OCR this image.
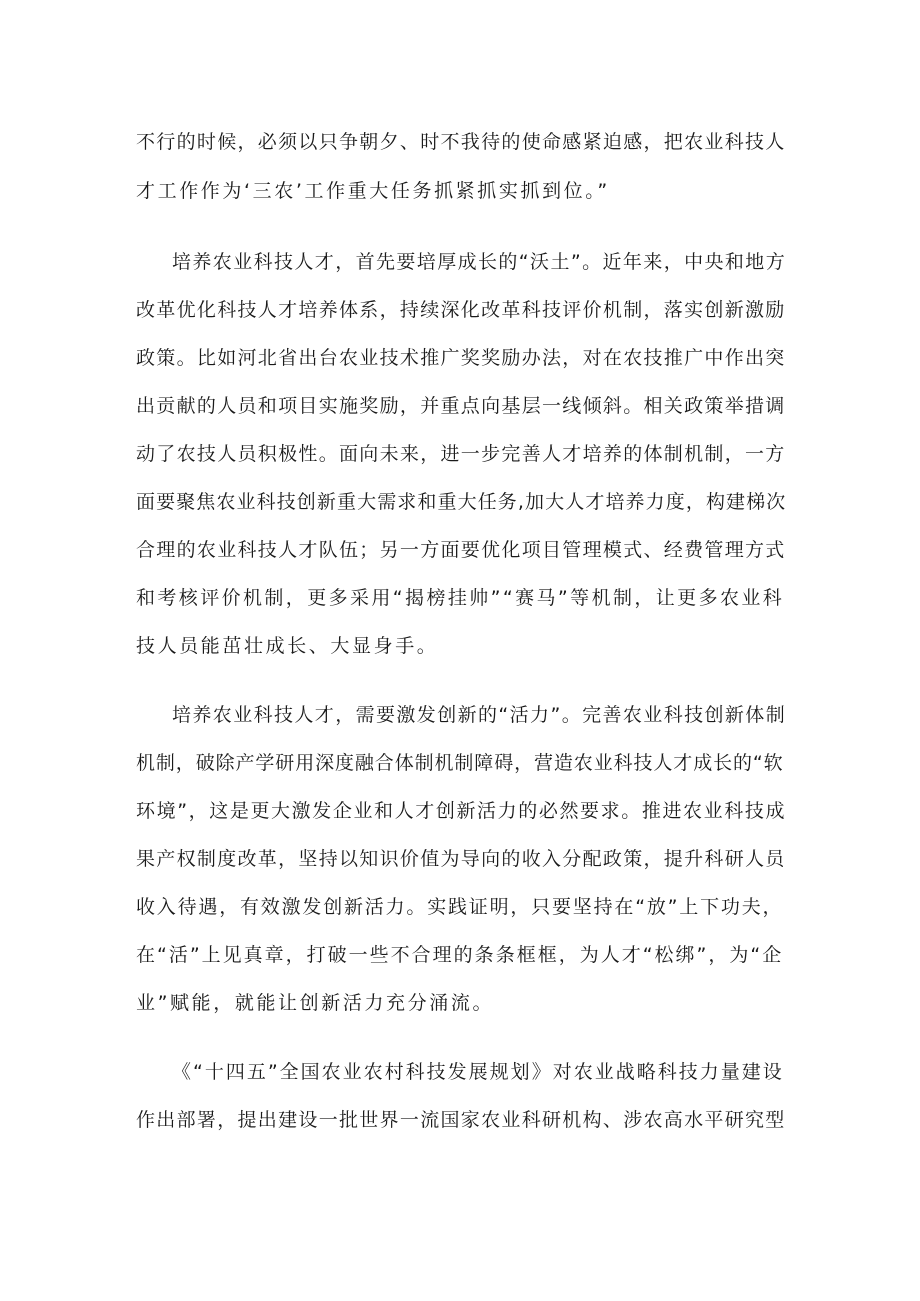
不行的时候，必须以只争朝夕、时不我待的使命感紧迫感，把农业科技人
才工作作为‘三农’工作重大任务抓紧抓实抓到位。”
培养农业科技人才，首先要培厚成长的“沃土”。近年来，中央和地方
改革优化科技人才培养体系，持续深化改革科技评价机制，落实创新激励
政策。比如河北省出台农业技术推广奖奖励办法，对在农技推广中作出突
出贡献的人员和项目实施奖励，并重点向基层一线倾斜。相关政策举措调
动了农技人员积极性。面向未来，进一步完善人才培养的体制机制，一方
面要聚焦农业科技创新重大需求和重大任务,加大人才培养力度，构建梯次
合理的农业科技人才队伍；另一方面要优化项目管理模式、经费管理方式
和考核评价机制，更多采用“揭榜挂帅”“赛马”等机制，让更多农业科
技人员能茁壮成长、大显身手。
培养农业科技人才，需要激发创新的“活力”。完善农业科技创新体制
机制，破除产学研用深度融合体制机制障碍，营造农业科技人才成长的“软
环境”，这是更大激发企业和人才创新活力的必然要求。推进农业科技成
果产权制度改革，坚持以知识价值为导向的收入分配政策，提升科研人员
收入待遇，有效激发创新活力。实践证明，只要坚持在“放”上下功夫，
在“活”上见真章，打破一些不合理的条条框框，为人才“松绑”，为“企
业”赋能，就能让创新活力充分涌流。
《“十四五”全国农业农村科技发展规划》对农业战略科技力量建设
作出部署，提出建设一批世界一流国家农业科研机构、涉农高水平研究型
